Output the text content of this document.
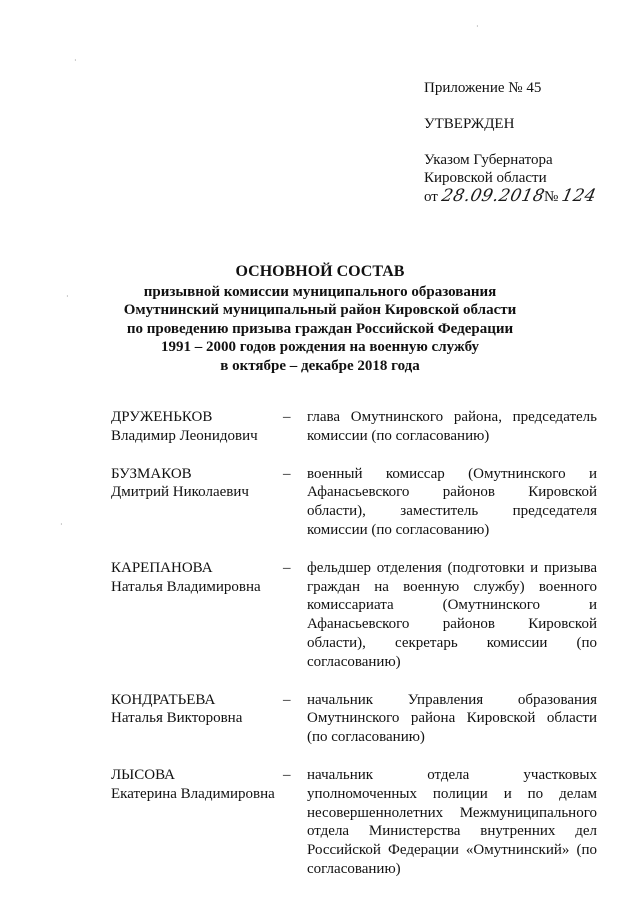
·
·
·
·
Приложение № 45
УТВЕРЖДЕН
Указом Губернатора
Кировской области
от 28.09.2018№ 124
ОСНОВНОЙ СОСТАВ
призывной комиссии муниципального образования
Омутнинский муниципальный район Кировской области
по проведению призыва граждан Российской Федерации
1991 – 2000 годов рождения на военную службу
в октябре – декабре 2018 года
ДРУЖЕНЬКОВ
Владимир Леонидович
–	глава Омутнинского района, председатель комиссии (по согласованию)
БУЗМАКОВ
Дмитрий Николаевич
–	военный комиссар (Омутнинского и Афанасьевского районов Кировской области), заместитель председателя комиссии (по согласованию)
КАРЕПАНОВА
Наталья Владимировна
–	фельдшер отделения (подготовки и призыва граждан на военную службу) военного комиссариата (Омутнинского и Афанасьевского районов Кировской области), секретарь комиссии (по согласованию)
КОНДРАТЬЕВА
Наталья Викторовна
–	начальник Управления образования Омутнинского района Кировской области (по согласованию)
ЛЫСОВА
Екатерина Владимировна
–	начальник отдела участковых уполномоченных полиции и по делам несовершеннолетних Межмуниципального отдела Министерства внутренних дел Российской Федерации «Омутнинский» (по согласованию)
